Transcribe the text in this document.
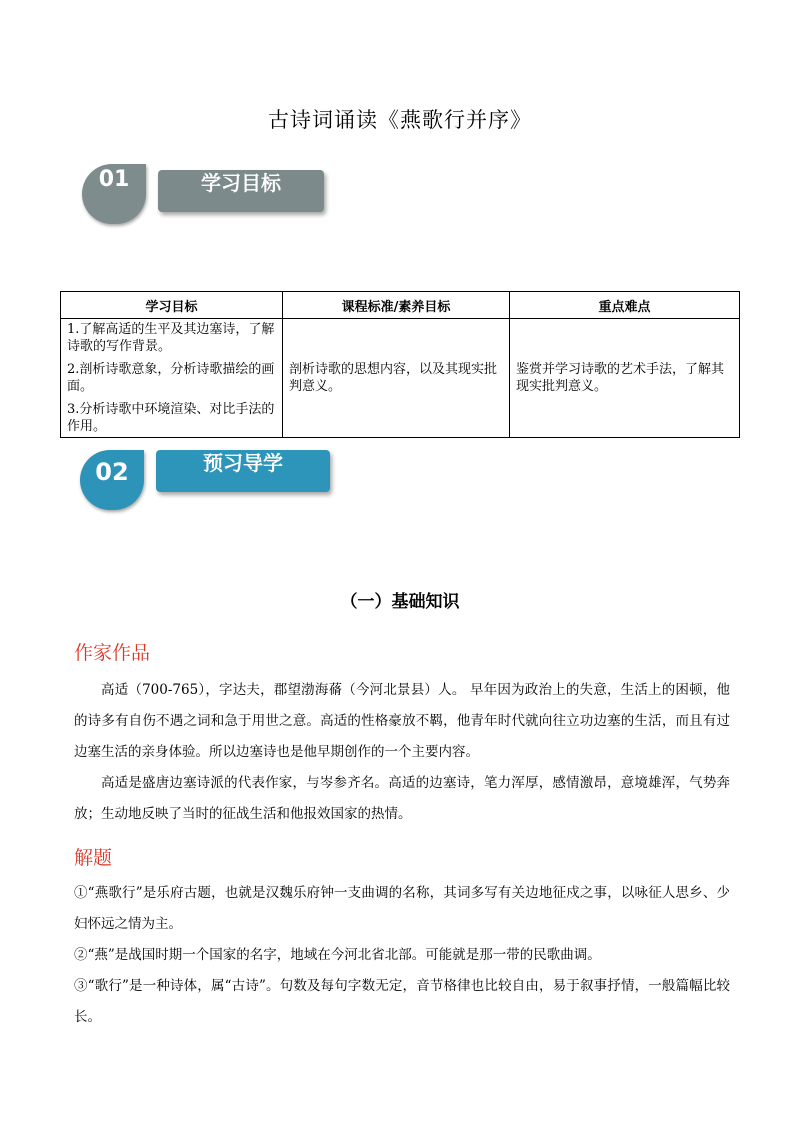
古诗词诵读《燕歌行并序》
01	学习目标
学习目标	课程标准/素养目标	重点难点

1.了解高适的生平及其边塞诗，了解诗歌的写作背景。

2.剖析诗歌意象，分析诗歌描绘的画面。

3.分析诗歌中环境渲染、对比手法的作用。	剖析诗歌的思想内容，以及其现实批判意义。	鉴赏并学习诗歌的艺术手法，了解其现实批判意义。
02	预习导学
（一）基础知识
作家作品
高适（700-765），字达夫，郡望渤海蓨（今河北景县）人。 早年因为政治上的失意，生活上的困顿，他的诗多有自伤不遇之词和急于用世之意。高适的性格豪放不羁，他青年时代就向往立功边塞的生活，而且有过边塞生活的亲身体验。所以边塞诗也是他早期创作的一个主要内容。
高适是盛唐边塞诗派的代表作家，与岑参齐名。高适的边塞诗，笔力浑厚，感情激昂，意境雄浑，气势奔放；生动地反映了当时的征战生活和他报效国家的热情。
解题
①“燕歌行”是乐府古题，也就是汉魏乐府钟一支曲调的名称，其词多写有关边地征戍之事，以咏征人思乡、少妇怀远之情为主。
②“燕”是战国时期一个国家的名字，地域在今河北省北部。可能就是那一带的民歌曲调。
③“歌行”是一种诗体，属“古诗”。句数及每句字数无定，音节格律也比较自由，易于叙事抒情，一般篇幅比较长。
